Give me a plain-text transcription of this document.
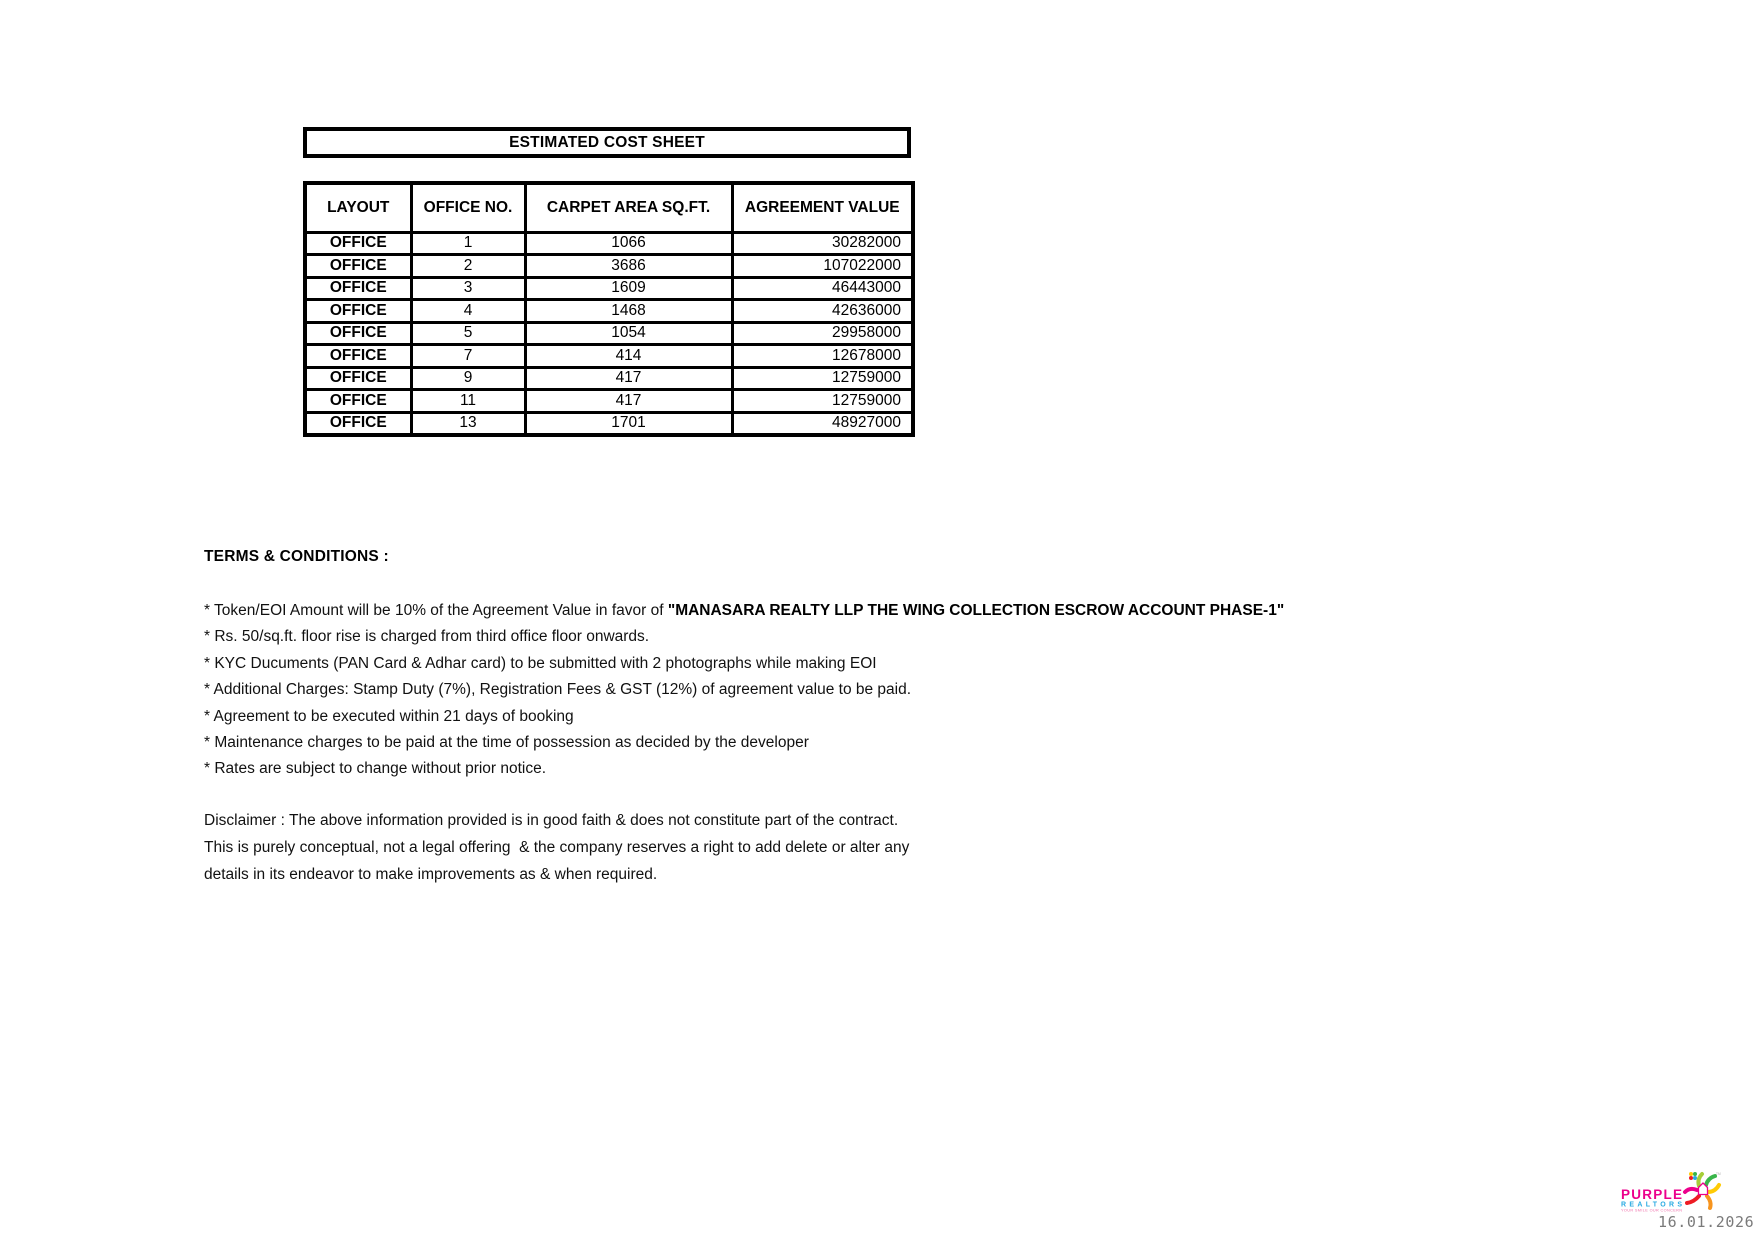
ESTIMATED COST SHEET
LAYOUT	OFFICE NO.	CARPET AREA SQ.FT.	AGREEMENT VALUE
OFFICE	1	1066	30282000
OFFICE	2	3686	107022000
OFFICE	3	1609	46443000
OFFICE	4	1468	42636000
OFFICE	5	1054	29958000
OFFICE	7	414	12678000
OFFICE	9	417	12759000
OFFICE	11	417	12759000
OFFICE	13	1701	48927000
TERMS & CONDITIONS :
* Token/EOI Amount will be 10% of the Agreement Value in favor of "MANASARA REALTY LLP THE WING COLLECTION ESCROW ACCOUNT PHASE-1"
* Rs. 50/sq.ft. floor rise is charged from third office floor onwards.
* KYC Ducuments (PAN Card & Adhar card) to be submitted with 2 photographs while making EOI
* Additional Charges: Stamp Duty (7%), Registration Fees & GST (12%) of agreement value to be paid.
* Agreement to be executed within 21 days of booking
* Maintenance charges to be paid at the time of possession as decided by the developer
* Rates are subject to change without prior notice.
Disclaimer : The above information provided is in good faith & does not constitute part of the contract.
This is purely conceptual, not a legal offering  & the company reserves a right to add delete or alter any
details in its endeavor to make improvements as & when required.
TM
PURPLE
REALTORS
YOUR SMILE OUR CONCERN
16.01.2026
